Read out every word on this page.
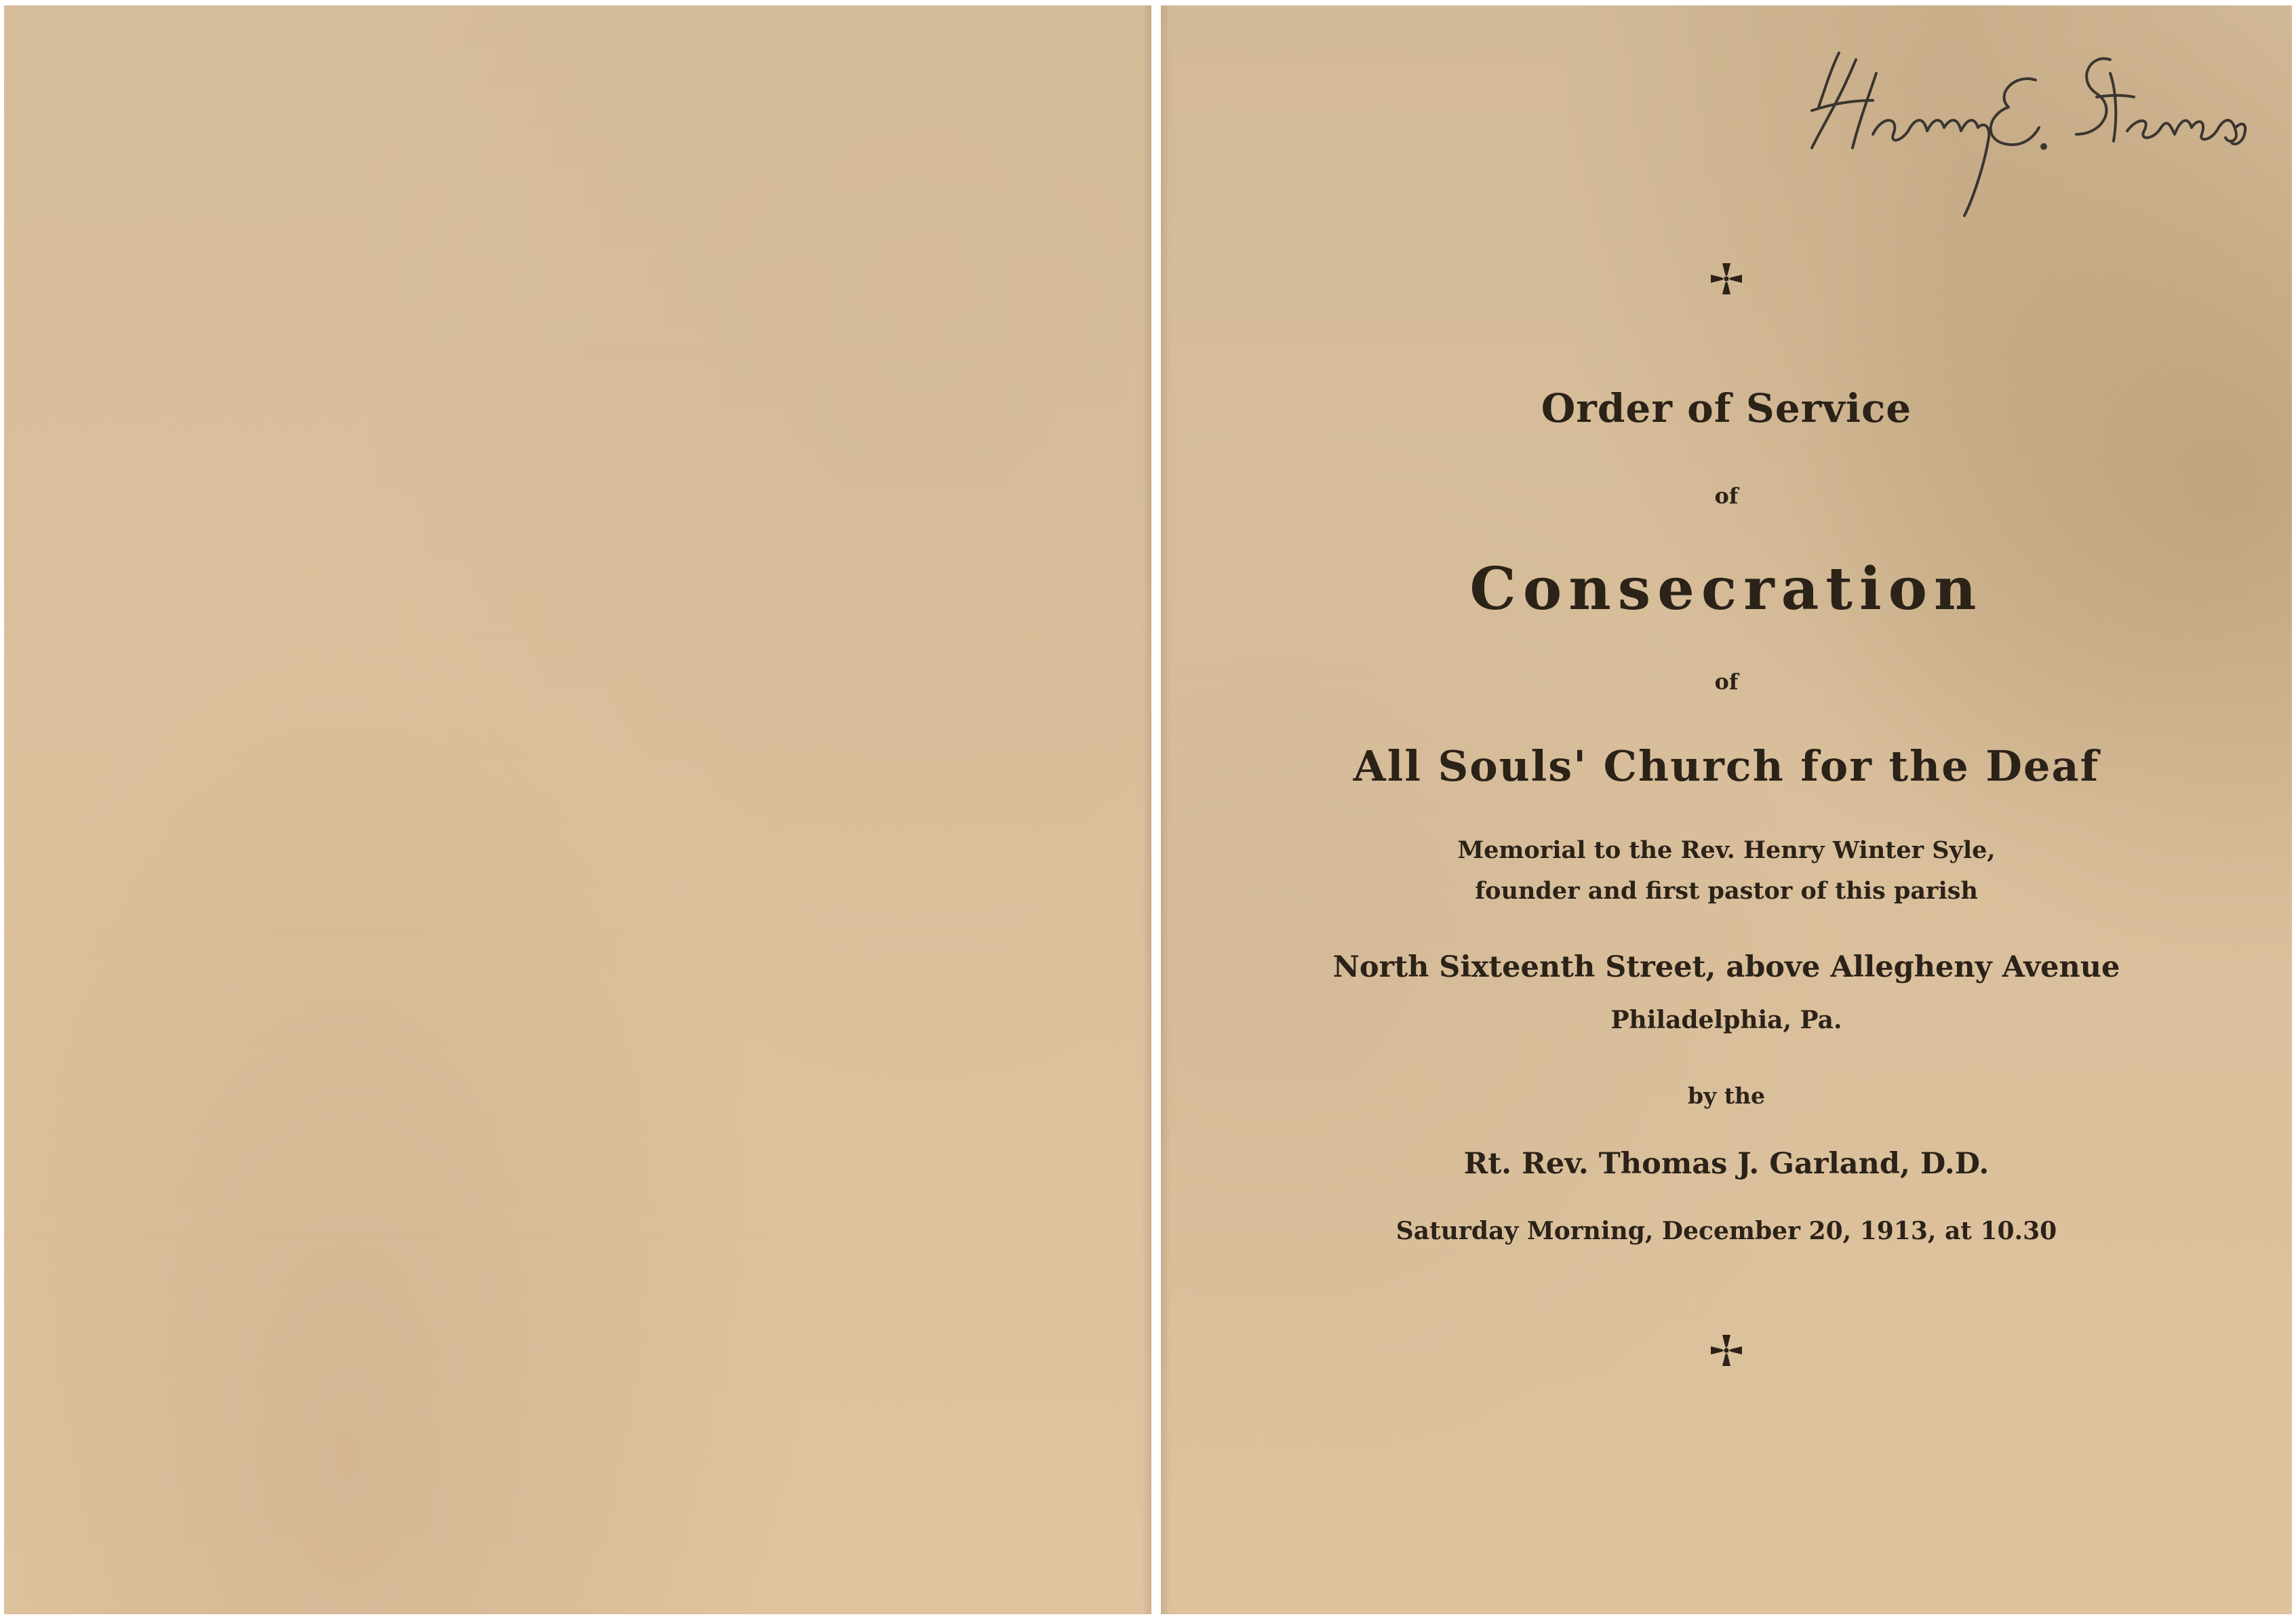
Order of Service
of
Consecration
of
All Souls' Church for the Deaf
Memorial to the Rev. Henry Winter Syle,
founder and first pastor of this parish
North Sixteenth Street, above Allegheny Avenue
Philadelphia, Pa.
by the
Rt. Rev. Thomas J. Garland, D.D.
Saturday Morning, December 20, 1913, at 10.30
